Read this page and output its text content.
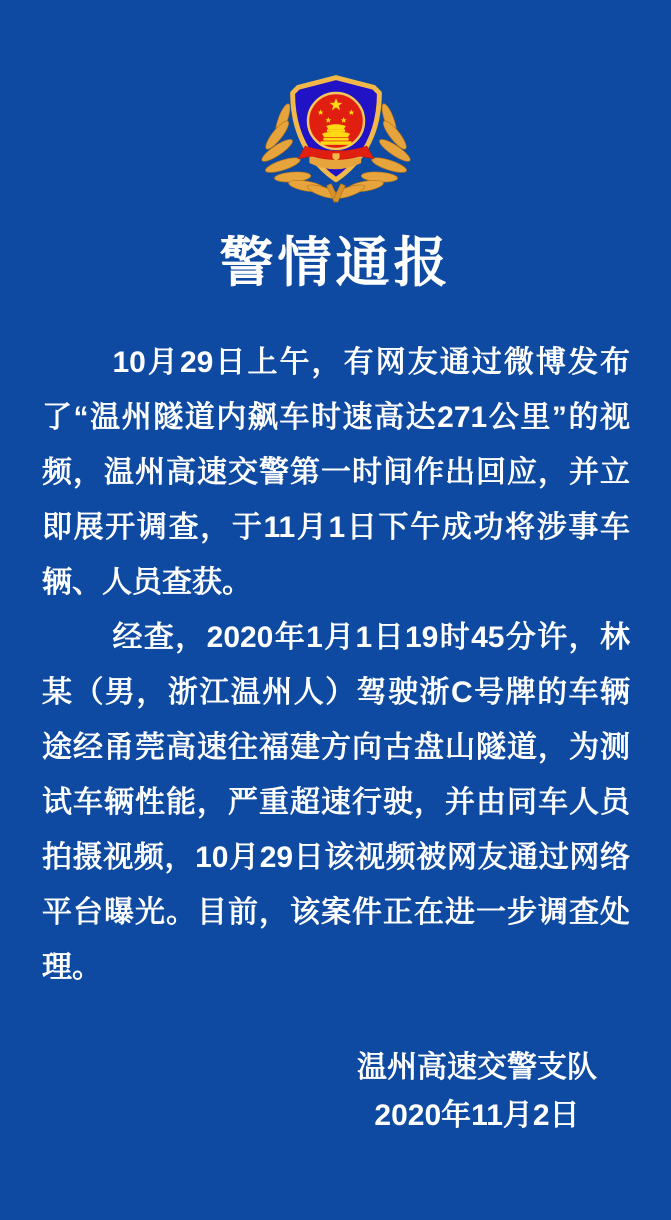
警情通报

10月29日上午，有网友通过微博发布了“温州隧道内飙车时速高达271公里”的视频，温州高速交警第一时间作出回应，并立即展开调查，于11月1日下午成功将涉事车辆、人员查获。

经查，2020年1月1日19时45分许，林某（男，浙江温州人）驾驶浙C号牌的车辆途经甬莞高速往福建方向古盘山隧道，为测试车辆性能，严重超速行驶，并由同车人员拍摄视频，10月29日该视频被网友通过网络平台曝光。目前，该案件正在进一步调查处理。

温州高速交警支队
2020年11月2日
